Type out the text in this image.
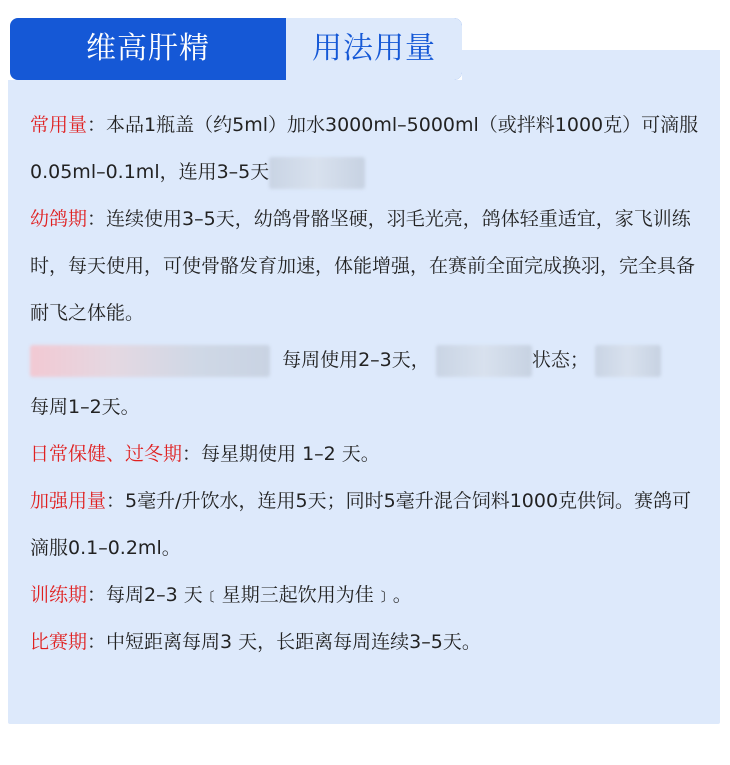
维高肝精	用法用量

常用量：本品1瓶盖（约5ml）加水3000ml–5000ml（或拌料1000克）可滴服0.05ml–0.1ml，连用3–5天

幼鸽期：连续使用3–5天，幼鸽骨骼坚硬，羽毛光亮，鸽体轻重适宜，家飞训练时，每天使用，可使骨骼发育加速，体能增强，在赛前全面完成换羽，完全具备耐飞之体能。

每周使用2–3天，	状态；
每周1–2天。

日常保健、过冬期：每星期使用 1–2 天。

加强用量：5毫升/升饮水，连用5天；同时5毫升混合饲料1000克供饲。赛鸽可滴服0.1–0.2ml。

训练期：每周2–3 天﹝星期三起饮用为佳﹞。

比赛期：中短距离每周3 天，长距离每周连续3–5天。
